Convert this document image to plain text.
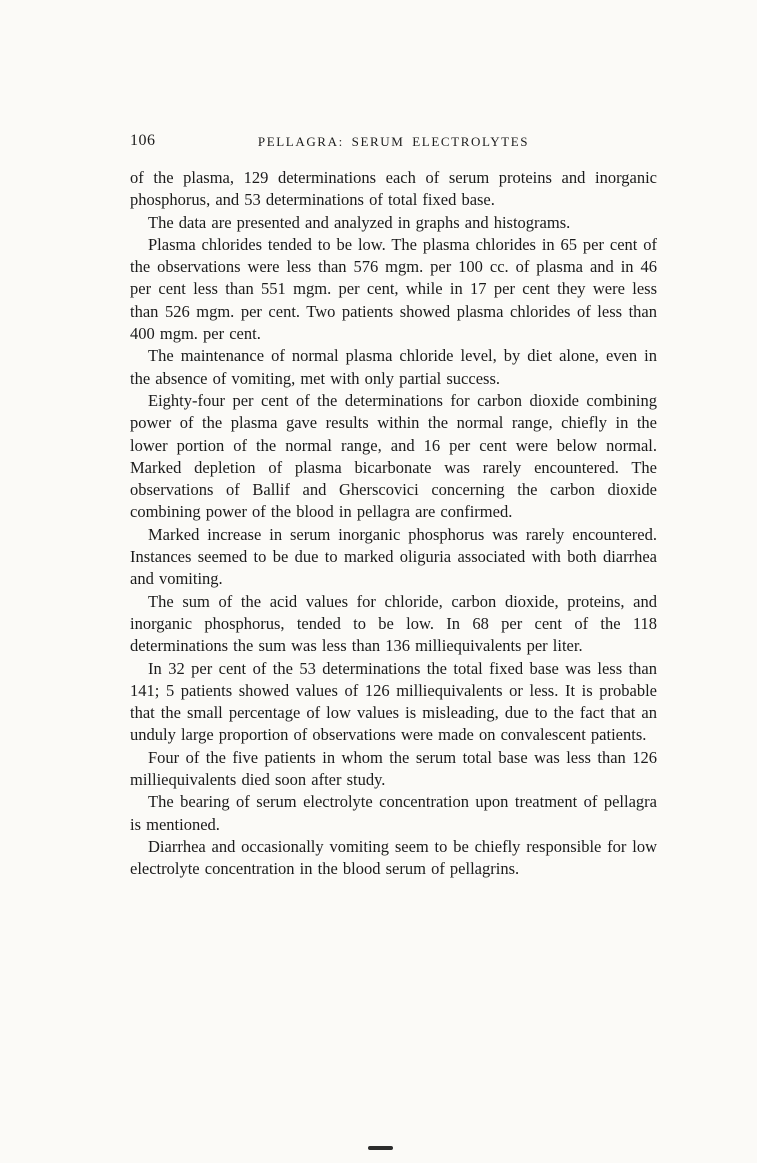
106	PELLAGRA: SERUM ELECTROLYTES

of the plasma, 129 determinations each of serum proteins and inorganic phosphorus, and 53 determinations of total fixed base.

The data are presented and analyzed in graphs and histograms.

Plasma chlorides tended to be low. The plasma chlorides in 65 per cent of the observations were less than 576 mgm. per 100 cc. of plasma and in 46 per cent less than 551 mgm. per cent, while in 17 per cent they were less than 526 mgm. per cent. Two patients showed plasma chlorides of less than 400 mgm. per cent.

The maintenance of normal plasma chloride level, by diet alone, even in the absence of vomiting, met with only partial success.

Eighty-four per cent of the determinations for carbon dioxide combining power of the plasma gave results within the normal range, chiefly in the lower portion of the normal range, and 16 per cent were below normal. Marked depletion of plasma bicarbonate was rarely encountered. The observations of Ballif and Gherscovici concerning the carbon dioxide combining power of the blood in pellagra are confirmed.

Marked increase in serum inorganic phosphorus was rarely encountered. Instances seemed to be due to marked oliguria associated with both diarrhea and vomiting.

The sum of the acid values for chloride, carbon dioxide, proteins, and inorganic phosphorus, tended to be low. In 68 per cent of the 118 determinations the sum was less than 136 milliequivalents per liter.

In 32 per cent of the 53 determinations the total fixed base was less than 141; 5 patients showed values of 126 milliequivalents or less. It is probable that the small percentage of low values is misleading, due to the fact that an unduly large proportion of observations were made on convalescent patients.

Four of the five patients in whom the serum total base was less than 126 milliequivalents died soon after study.

The bearing of serum electrolyte concentration upon treatment of pellagra is mentioned.

Diarrhea and occasionally vomiting seem to be chiefly responsible for low electrolyte concentration in the blood serum of pellagrins.
